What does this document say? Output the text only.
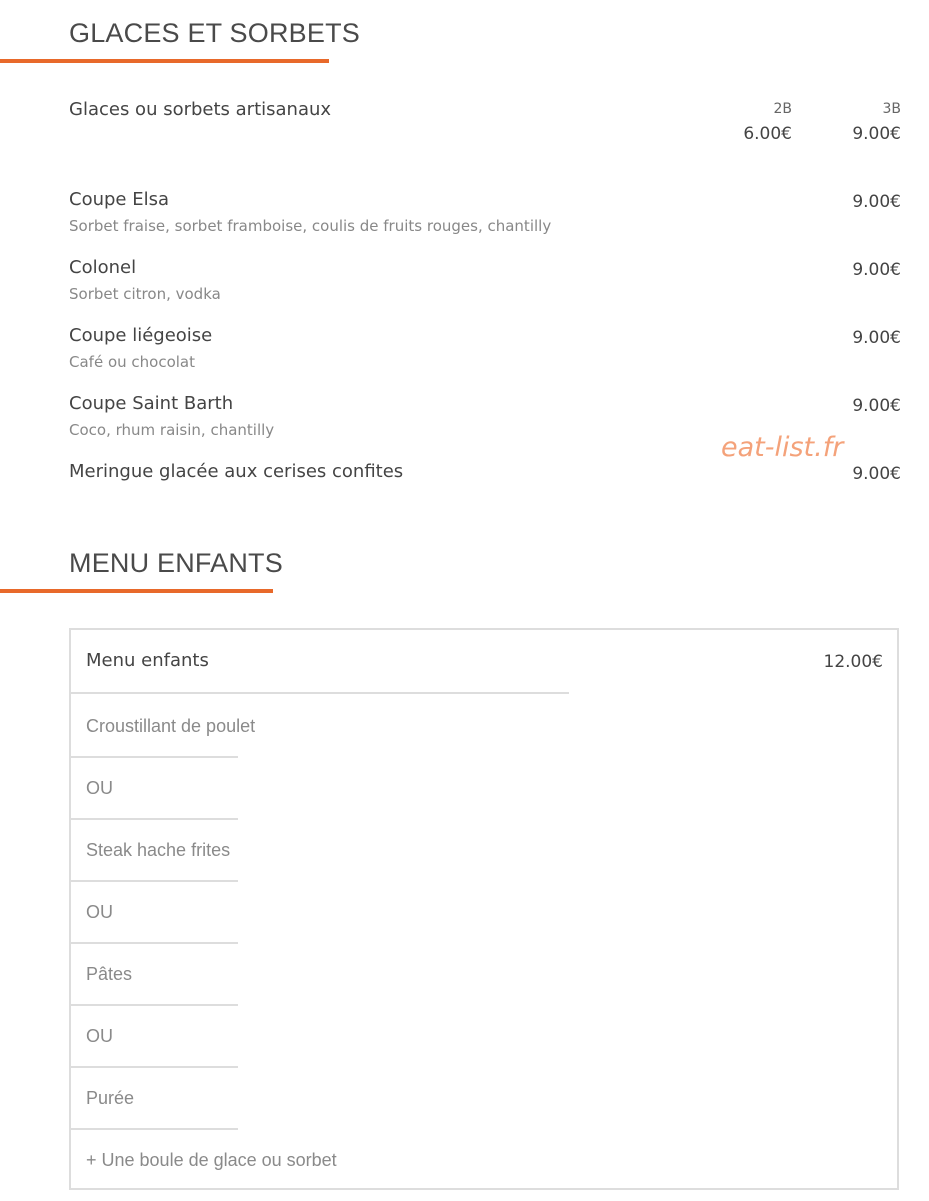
GLACES ET SORBETS
Glaces ou sorbets artisanaux	2B	3B
6.00€	9.00€
Coupe Elsa
Sorbet fraise, sorbet framboise, coulis de fruits rouges, chantilly
9.00€
Colonel
Sorbet citron, vodka
9.00€
Coupe liégeoise
Café ou chocolat
9.00€
Coupe Saint Barth
Coco, rhum raisin, chantilly
9.00€
Meringue glacée aux cerises confites	9.00€
eat-list.fr
MENU ENFANTS
Menu enfants	12.00€
Croustillant de poulet
OU
Steak hache frites
OU
Pâtes
OU
Purée
+ Une boule de glace ou sorbet
